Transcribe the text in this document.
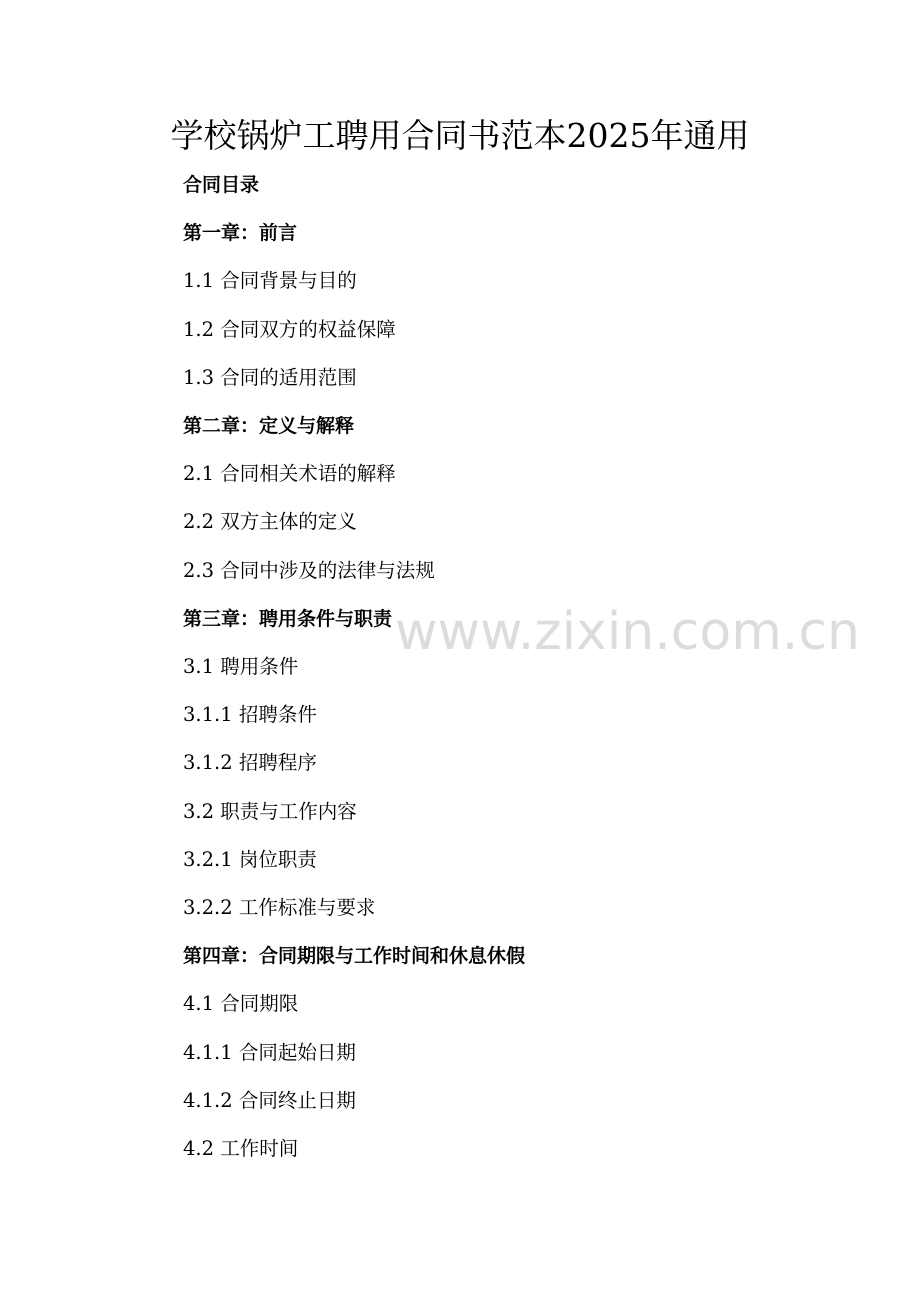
学校锅炉工聘用合同书范本2025年通用
合同目录
第一章：前言
1.1 合同背景与目的
1.2 合同双方的权益保障
1.3 合同的适用范围
第二章：定义与解释
2.1 合同相关术语的解释
2.2 双方主体的定义
2.3 合同中涉及的法律与法规
第三章：聘用条件与职责
3.1 聘用条件
3.1.1 招聘条件
3.1.2 招聘程序
3.2 职责与工作内容
3.2.1 岗位职责
3.2.2 工作标准与要求
第四章：合同期限与工作时间和休息休假
4.1 合同期限
4.1.1 合同起始日期
4.1.2 合同终止日期
4.2 工作时间
www.zixin.com.cn
